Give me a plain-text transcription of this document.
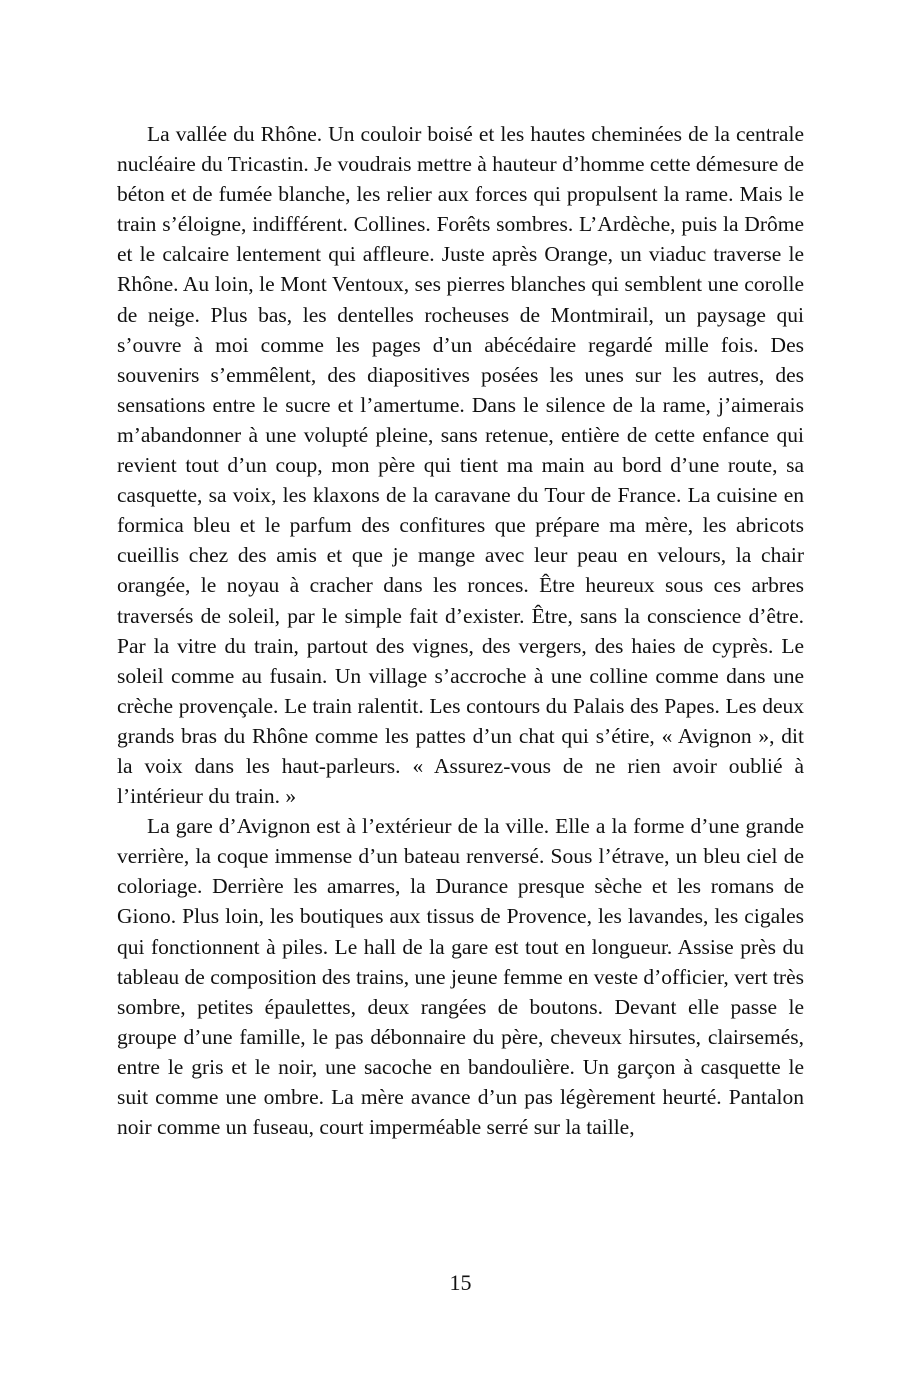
La vallée du Rhône. Un couloir boisé et les hautes cheminées de la centrale nucléaire du Tricastin. Je voudrais mettre à hauteur d’homme cette démesure de béton et de fumée blanche, les relier aux forces qui propulsent la rame. Mais le train s’éloigne, indifférent. Collines. Forêts sombres. L’Ardèche, puis la Drôme et le calcaire lentement qui affleure. Juste après Orange, un viaduc traverse le Rhône. Au loin, le Mont Ventoux, ses pierres blanches qui semblent une corolle de neige. Plus bas, les dentelles rocheuses de Montmirail, un paysage qui s’ouvre à moi comme les pages d’un abécédaire regardé mille fois. Des souvenirs s’emmêlent, des diapositives posées les unes sur les autres, des sensations entre le sucre et l’amertume. Dans le silence de la rame, j’aimerais m’abandonner à une volupté pleine, sans retenue, entière de cette enfance qui revient tout d’un coup, mon père qui tient ma main au bord d’une route, sa casquette, sa voix, les klaxons de la caravane du Tour de France. La cuisine en formica bleu et le parfum des confitures que prépare ma mère, les abricots cueillis chez des amis et que je mange avec leur peau en velours, la chair orangée, le noyau à cracher dans les ronces. Être heureux sous ces arbres traversés de soleil, par le simple fait d’exister. Être, sans la conscience d’être. Par la vitre du train, partout des vignes, des vergers, des haies de cyprès. Le soleil comme au fusain. Un village s’accroche à une colline comme dans une crèche provençale. Le train ralentit. Les contours du Palais des Papes. Les deux grands bras du Rhône comme les pattes d’un chat qui s’étire, « Avignon », dit la voix dans les haut-parleurs. « Assurez-vous de ne rien avoir oublié à l’intérieur du train. »

La gare d’Avignon est à l’extérieur de la ville. Elle a la forme d’une grande verrière, la coque immense d’un bateau renversé. Sous l’étrave, un bleu ciel de coloriage. Derrière les amarres, la Durance presque sèche et les romans de Giono. Plus loin, les boutiques aux tissus de Provence, les lavandes, les cigales qui fonctionnent à piles. Le hall de la gare est tout en longueur. Assise près du tableau de composition des trains, une jeune femme en veste d’officier, vert très sombre, petites épaulettes, deux rangées de boutons. Devant elle passe le groupe d’une famille, le pas débonnaire du père, cheveux hirsutes, clairsemés, entre le gris et le noir, une sacoche en bandoulière. Un garçon à casquette le suit comme une ombre. La mère avance d’un pas légèrement heurté. Pantalon noir comme un fuseau, court imperméable serré sur la taille,

15
